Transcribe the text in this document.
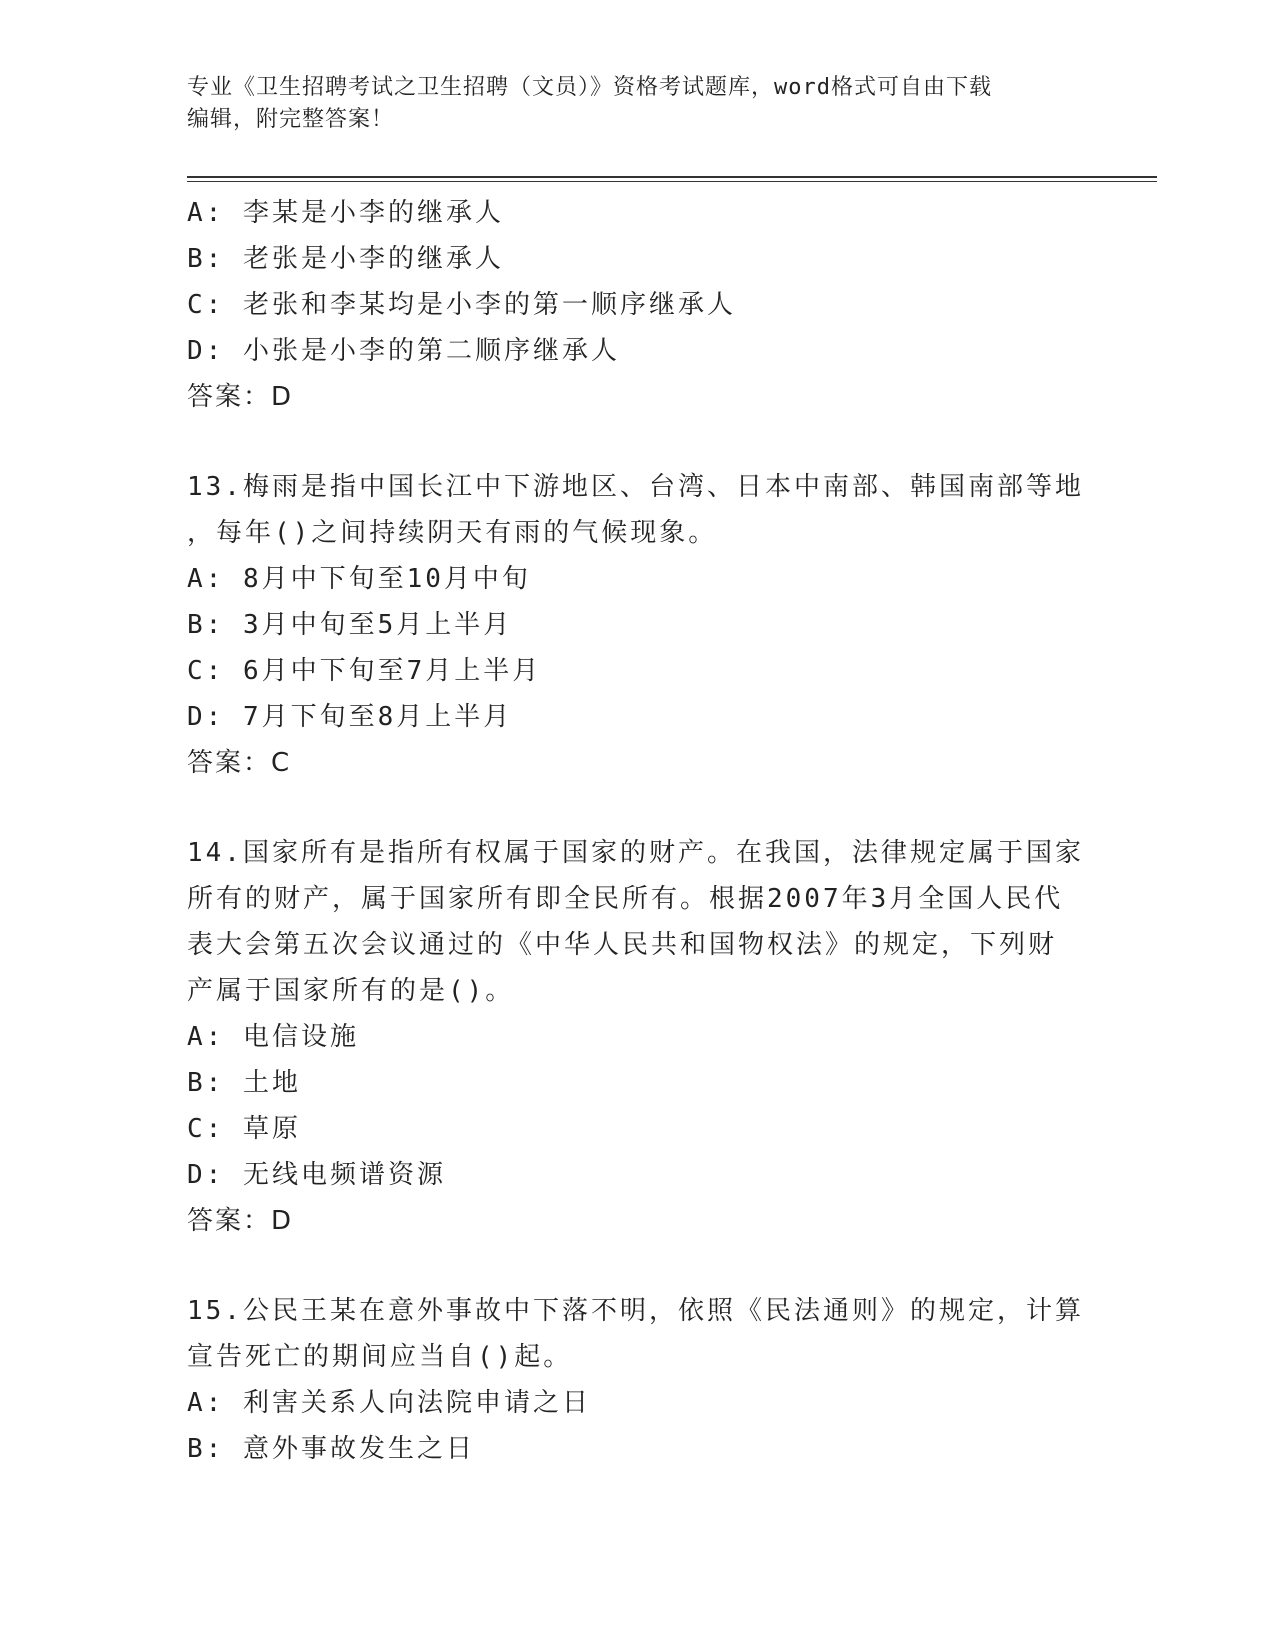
专业《卫生招聘考试之卫生招聘（文员）》资格考试题库，word格式可自由下载
编辑，附完整答案！
A: 李某是小李的继承人
B: 老张是小李的继承人
C: 老张和李某均是小李的第一顺序继承人
D: 小张是小李的第二顺序继承人
答案：D
13.梅雨是指中国长江中下游地区、台湾、日本中南部、韩国南部等地
，每年()之间持续阴天有雨的气候现象。
A: 8月中下旬至10月中旬
B: 3月中旬至5月上半月
C: 6月中下旬至7月上半月
D: 7月下旬至8月上半月
答案：C
14.国家所有是指所有权属于国家的财产。在我国，法律规定属于国家
所有的财产，属于国家所有即全民所有。根据2007年3月全国人民代
表大会第五次会议通过的《中华人民共和国物权法》的规定，下列财
产属于国家所有的是()。
A: 电信设施
B: 土地
C: 草原
D: 无线电频谱资源
答案：D
15.公民王某在意外事故中下落不明，依照《民法通则》的规定，计算
宣告死亡的期间应当自()起。
A: 利害关系人向法院申请之日
B: 意外事故发生之日
